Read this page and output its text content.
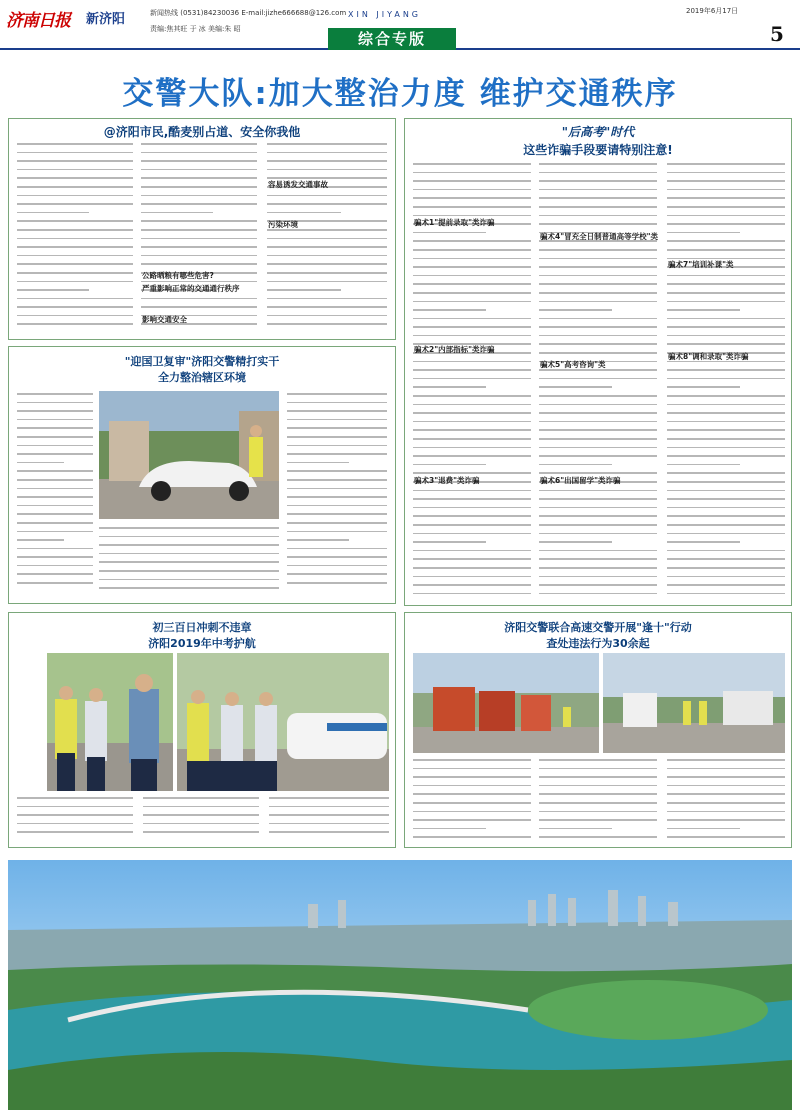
济南日报 新济阳	新闻热线 (0531)84230036 E-mail:jizhe666688@126.com
责编:焦其旺 于 冰 美编:朱 昭
XIN JIYANG	2019年6月17日
5
综合专版
交警大队:加大整治力度 维护交通秩序
@济阳市民,酷麦别占道、安全你我他
公路晒粮有哪些危害?
严重影响正常的交通通行秩序
影响交通安全
容易诱发交通事故
污染环境
"后高考"时代
这些诈骗手段要请特别注意!
骗术1"提前录取"类诈骗
骗术2"内部指标"类诈骗
骗术3"退费"类诈骗
骗术4"冒充全日制普通高等学校"类
骗术5"高考咨询"类
骗术6"出国留学"类诈骗
骗术7"培训补课"类
骗术8"调和录取"类诈骗
"迎国卫复审"济阳交警精打实干
全力整治辖区环境
初三百日冲刺不违章
济阳2019年中考护航
济阳交警联合高速交警开展"逢十"行动
查处违法行为30余起
